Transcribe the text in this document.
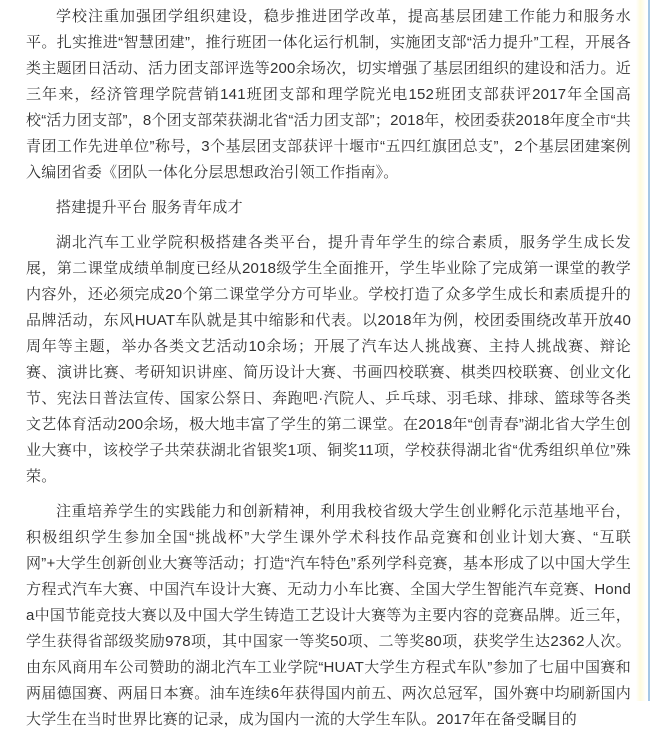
学校注重加强团学组织建设，稳步推进团学改革，提高基层团建工作能力和服务水平。扎实推进“智慧团建”，推行班团一体化运行机制，实施团支部“活力提升”工程，开展各类主题团日活动、活力团支部评选等200余场次，切实增强了基层团组织的建设和活力。近三年来，经济管理学院营销141班团支部和理学院光电152班团支部获评2017年全国高校“活力团支部”，8个团支部荣获湖北省“活力团支部”；2018年，校团委获2018年度全市“共青团工作先进单位”称号，3个基层团支部获评十堰市“五四红旗团总支”，2个基层团建案例入编团省委《团队一体化分层思想政治引领工作指南》。

搭建提升平台 服务青年成才

湖北汽车工业学院积极搭建各类平台，提升青年学生的综合素质，服务学生成长发展，第二课堂成绩单制度已经从2018级学生全面推开，学生毕业除了完成第一课堂的教学内容外，还必须完成20个第二课堂学分方可毕业。学校打造了众多学生成长和素质提升的品牌活动，东风HUAT车队就是其中缩影和代表。以2018年为例，校团委围绕改革开放40周年等主题，举办各类文艺活动10余场；开展了汽车达人挑战赛、主持人挑战赛、辩论赛、演讲比赛、考研知识讲座、简历设计大赛、书画四校联赛、棋类四校联赛、创业文化节、宪法日普法宣传、国家公祭日、奔跑吧·汽院人、乒乓球、羽毛球、排球、篮球等各类文艺体育活动200余场，极大地丰富了学生的第二课堂。在2018年“创青春”湖北省大学生创业大赛中，该校学子共荣获湖北省银奖1项、铜奖11项，学校获得湖北省“优秀组织单位”殊荣。

注重培养学生的实践能力和创新精神，利用我校省级大学生创业孵化示范基地平台，积极组织学生参加全国“挑战杯”大学生课外学术科技作品竞赛和创业计划大赛、“互联网”+大学生创新创业大赛等活动；打造“汽车特色”系列学科竞赛，基本形成了以中国大学生方程式汽车大赛、中国汽车设计大赛、无动力小车比赛、全国大学生智能汽车竞赛、Honda中国节能竞技大赛以及中国大学生铸造工艺设计大赛等为主要内容的竞赛品牌。近三年，学生获得省部级奖励978项，其中国家一等奖50项、二等奖80项，获奖学生达2362人次。由东风商用车公司赞助的湖北汽车工业学院“HUAT大学生方程式车队”参加了七届中国赛和两届德国赛、两届日本赛。油车连续6年获得国内前五、两次总冠军，国外赛中均刷新国内大学生在当时世界比赛的记录，成为国内一流的大学生车队。2017年在备受瞩目的
